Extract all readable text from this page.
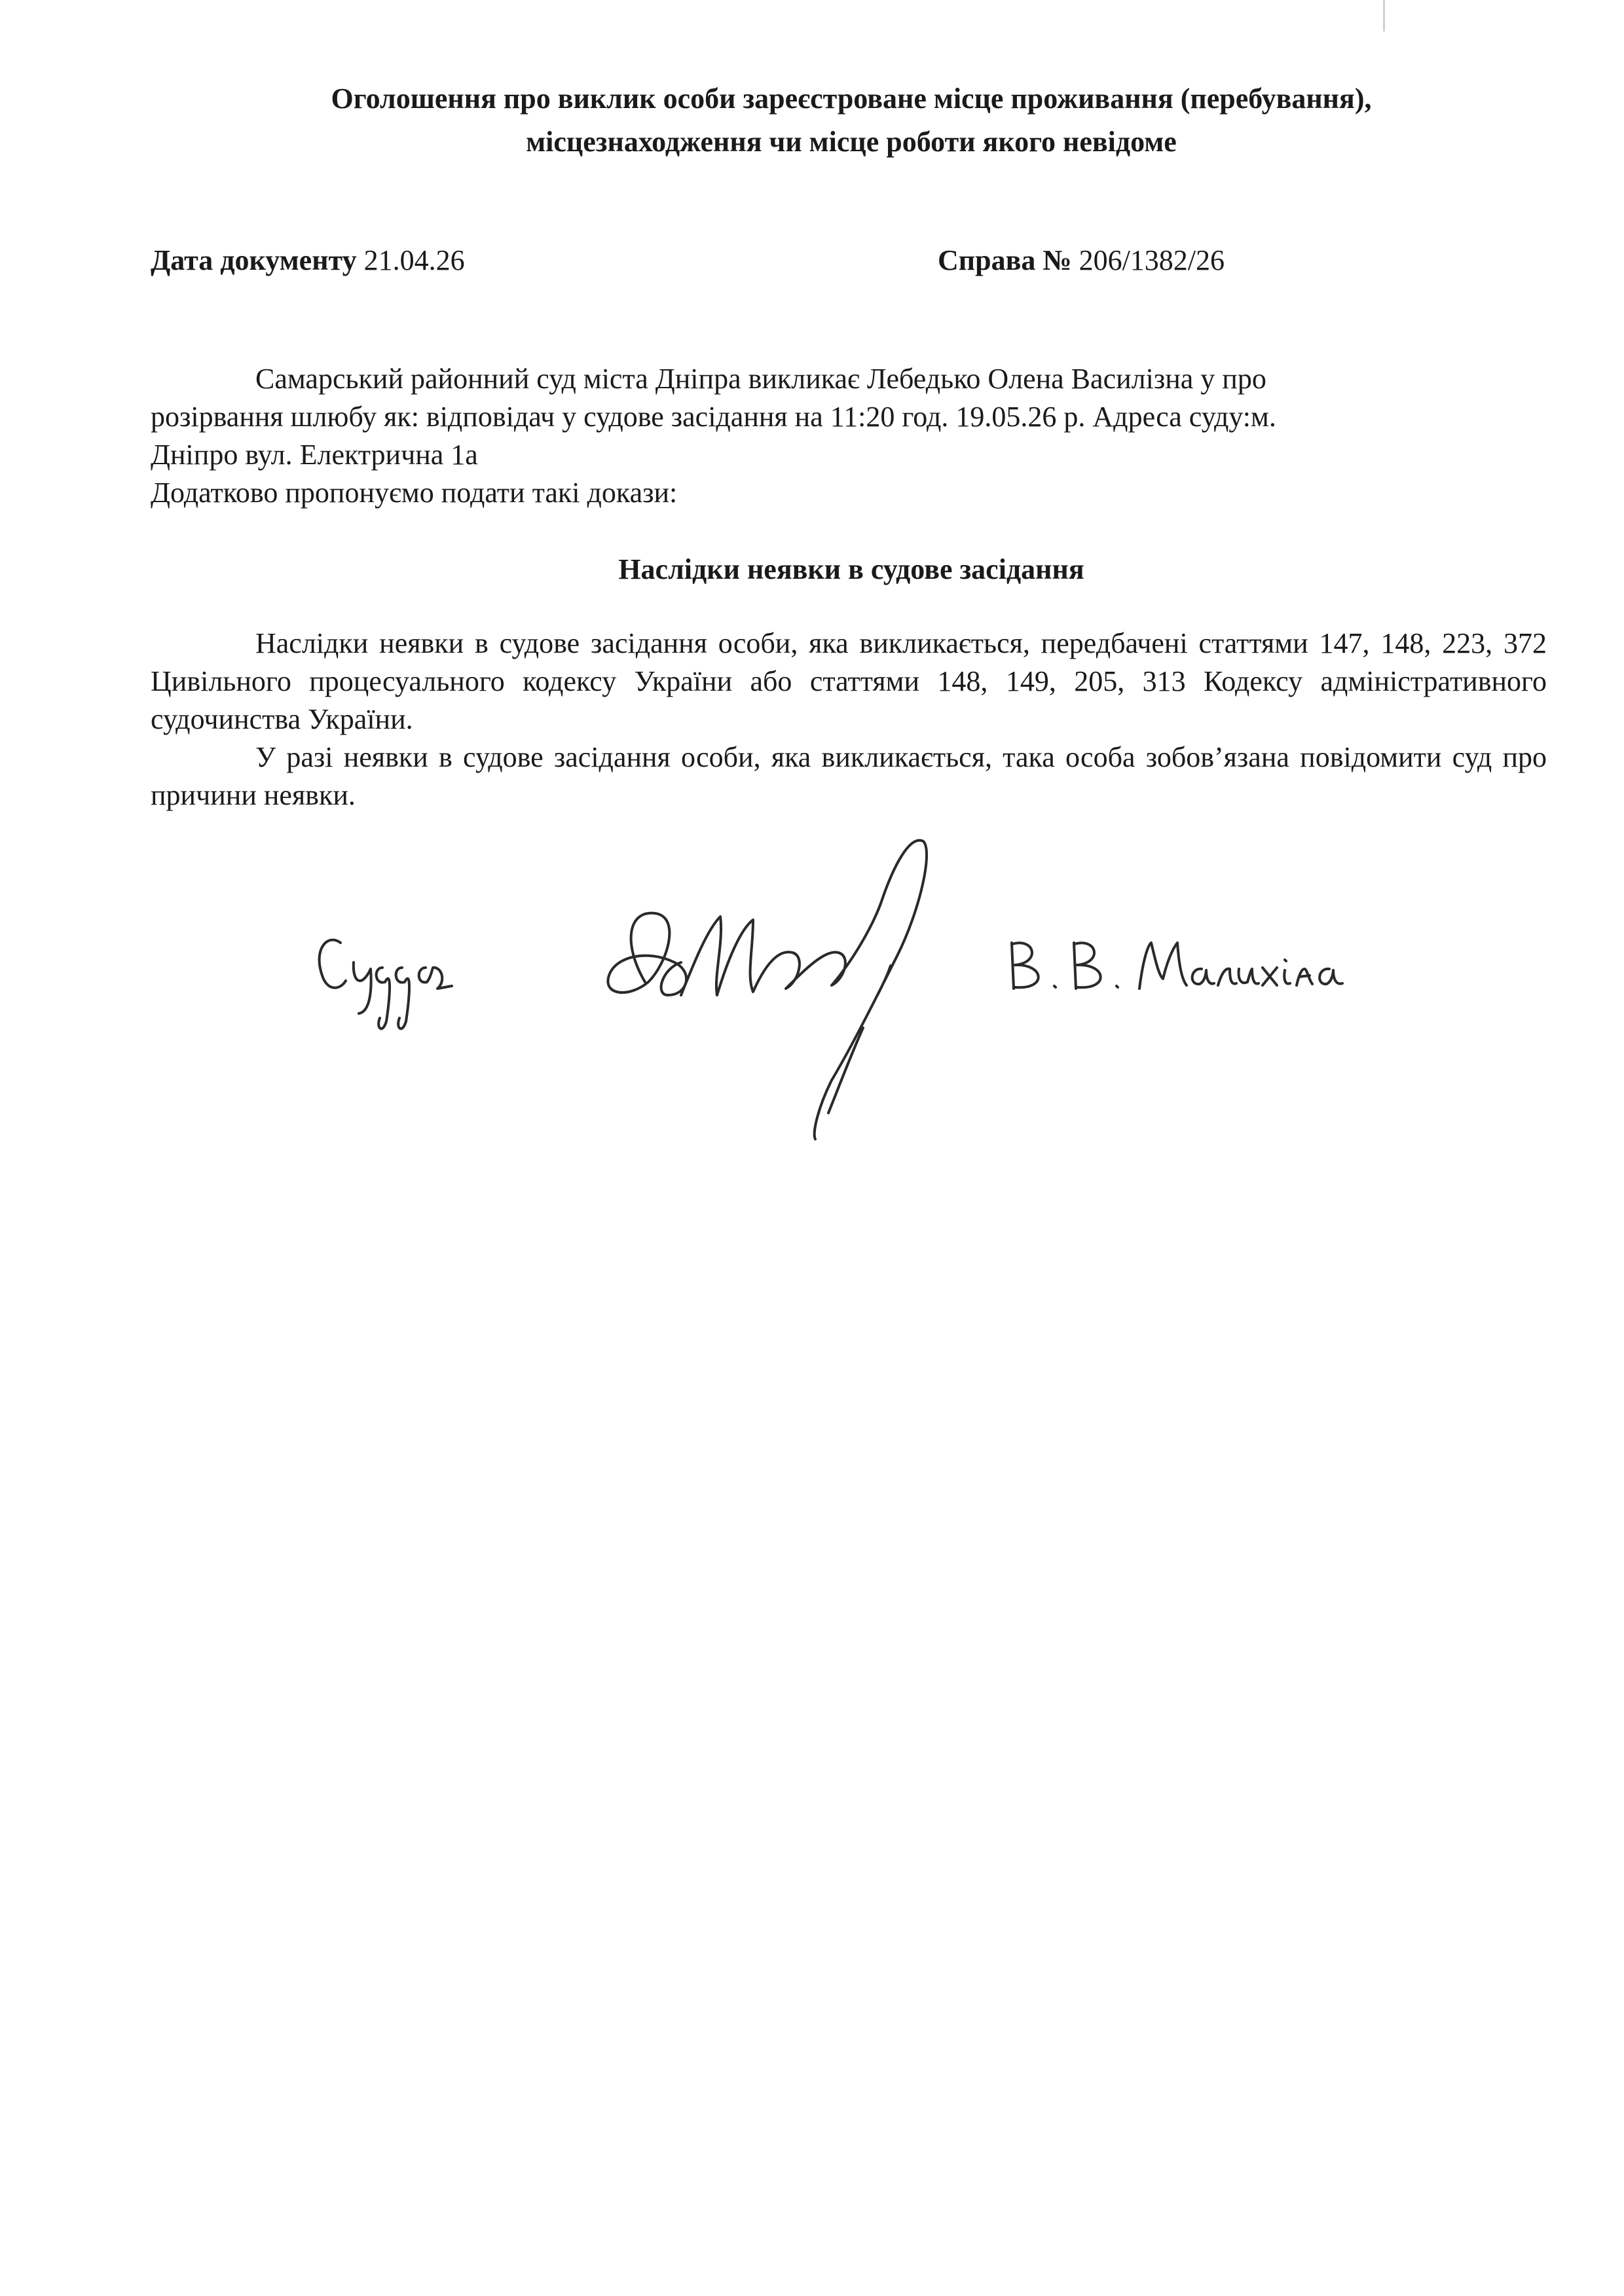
Оголошення про виклик особи зареєстроване місце проживання (перебування),
місцезнаходження чи місце роботи якого невідоме
Дата документу 21.04.26	Справа № 206/1382/26

Самарський районний суд міста Дніпра викликає Лебедько Олена Василізна у про

розірвання шлюбу як: відповідач у судове засідання на 11:20 год. 19.05.26 р. Адреса суду:м.

Дніпро вул. Електрична 1а

Додатково пропонуємо подати такі докази:

Наслідки неявки в судове засідання

Наслідки неявки в судове засідання особи, яка викликається, передбачені статтями 147, 148, 223, 372 Цивільного процесуального кодексу України або статтями 148, 149, 205, 313 Кодексу адміністративного судочинства України.

У разі неявки в судове засідання особи, яка викликається, така особа зобов’язана повідомити суд про причини неявки.
